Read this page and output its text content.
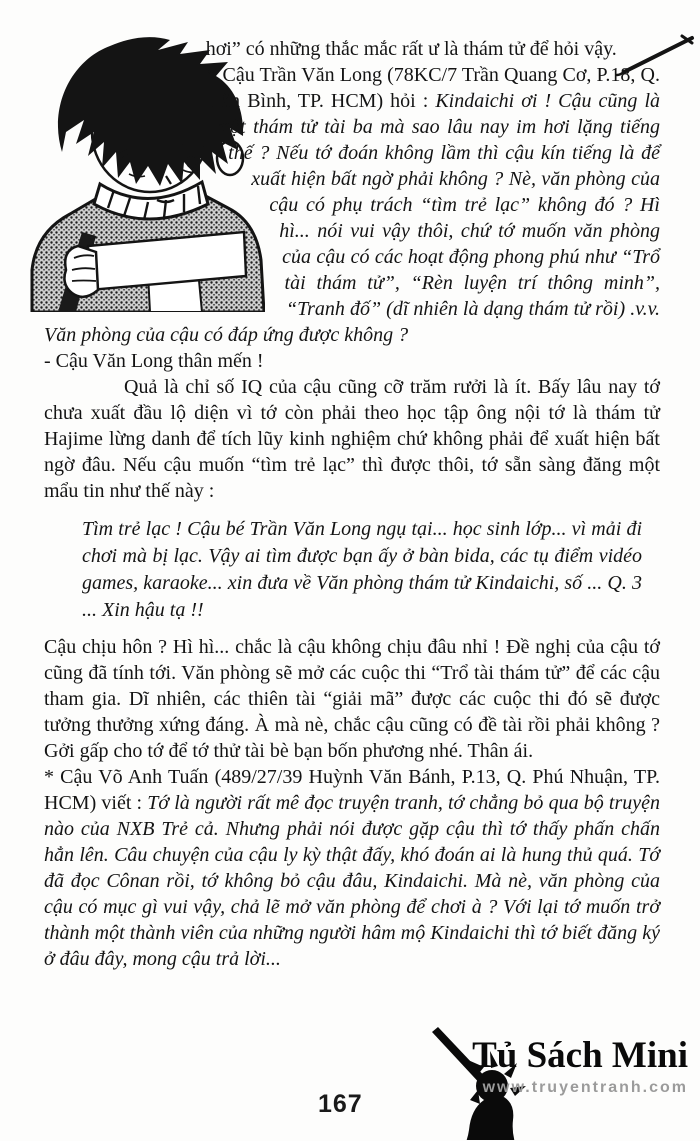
hơi” có những thắc mắc rất ư là thám tử để hỏi vậy.

* Cậu Trần Văn Long (78KC/7 Trần Quang Cơ, P.18, Q. Tân Bình, TP. HCM) hỏi : Kindaichi ơi ! Cậu cũng là một thám tử tài ba mà sao lâu nay im hơi lặng tiếng thế ? Nếu tớ đoán không lầm thì cậu kín tiếng là để xuất hiện bất ngờ phải không ? Nè, văn phòng của cậu có phụ trách “tìm trẻ lạc” không đó ? Hì hì... nói vui vậy thôi, chứ tớ muốn văn phòng của cậu có các hoạt động phong phú như “Trổ tài thám tử”, “Rèn luyện trí thông minh”, “Tranh đố” (dĩ nhiên là dạng thám tử rồi) .v.v. Văn phòng của cậu có đáp ứng được không ?

- Cậu Văn Long thân mến !

Quả là chỉ số IQ của cậu cũng cỡ trăm rưởi là ít. Bấy lâu nay tớ chưa xuất đầu lộ diện vì tớ còn phải theo học tập ông nội tớ là thám tử Hajime lừng danh để tích lũy kinh nghiệm chứ không phải để xuất hiện bất ngờ đâu. Nếu cậu muốn “tìm trẻ lạc” thì được thôi, tớ sẵn sàng đăng một mẩu tin như thế này :

Tìm trẻ lạc ! Cậu bé Trần Văn Long ngụ tại... học sinh lớp... vì mải đi chơi mà bị lạc. Vậy ai tìm được bạn ấy ở bàn bida, các tụ điểm vidéo games, karaoke... xin đưa về Văn phòng thám tử Kindaichi, số ... Q. 3 ... Xin hậu tạ !!

Cậu chịu hôn ? Hì hì... chắc là cậu không chịu đâu nhỉ ! Đề nghị của cậu tớ cũng đã tính tới. Văn phòng sẽ mở các cuộc thi “Trổ tài thám tử” để các cậu tham gia. Dĩ nhiên, các thiên tài “giải mã” được các cuộc thi đó sẽ được tưởng thưởng xứng đáng. À mà nè, chắc cậu cũng có đề tài rồi phải không ? Gởi gấp cho tớ để tớ thử tài bè bạn bốn phương nhé. Thân ái.

* Cậu Võ Anh Tuấn (489/27/39 Huỳnh Văn Bánh, P.13, Q. Phú Nhuận, TP. HCM) viết : Tớ là người rất mê đọc truyện tranh, tớ chẳng bỏ qua bộ truyện nào của NXB Trẻ cả. Nhưng phải nói được gặp cậu thì tớ thấy phấn chấn hẳn lên. Câu chuyện của cậu ly kỳ thật đấy, khó đoán ai là hung thủ quá. Tớ đã đọc Cônan rồi, tớ không bỏ cậu đâu, Kindaichi. Mà nè, văn phòng của cậu có mục gì vui vậy, chả lẽ mở văn phòng để chơi à ? Với lại tớ muốn trở thành một thành viên của những người hâm mộ Kindaichi thì tớ biết đăng ký ở đâu đây, mong cậu trả lời...

167
Tủ Sách Mini
www.truyentranh.com
